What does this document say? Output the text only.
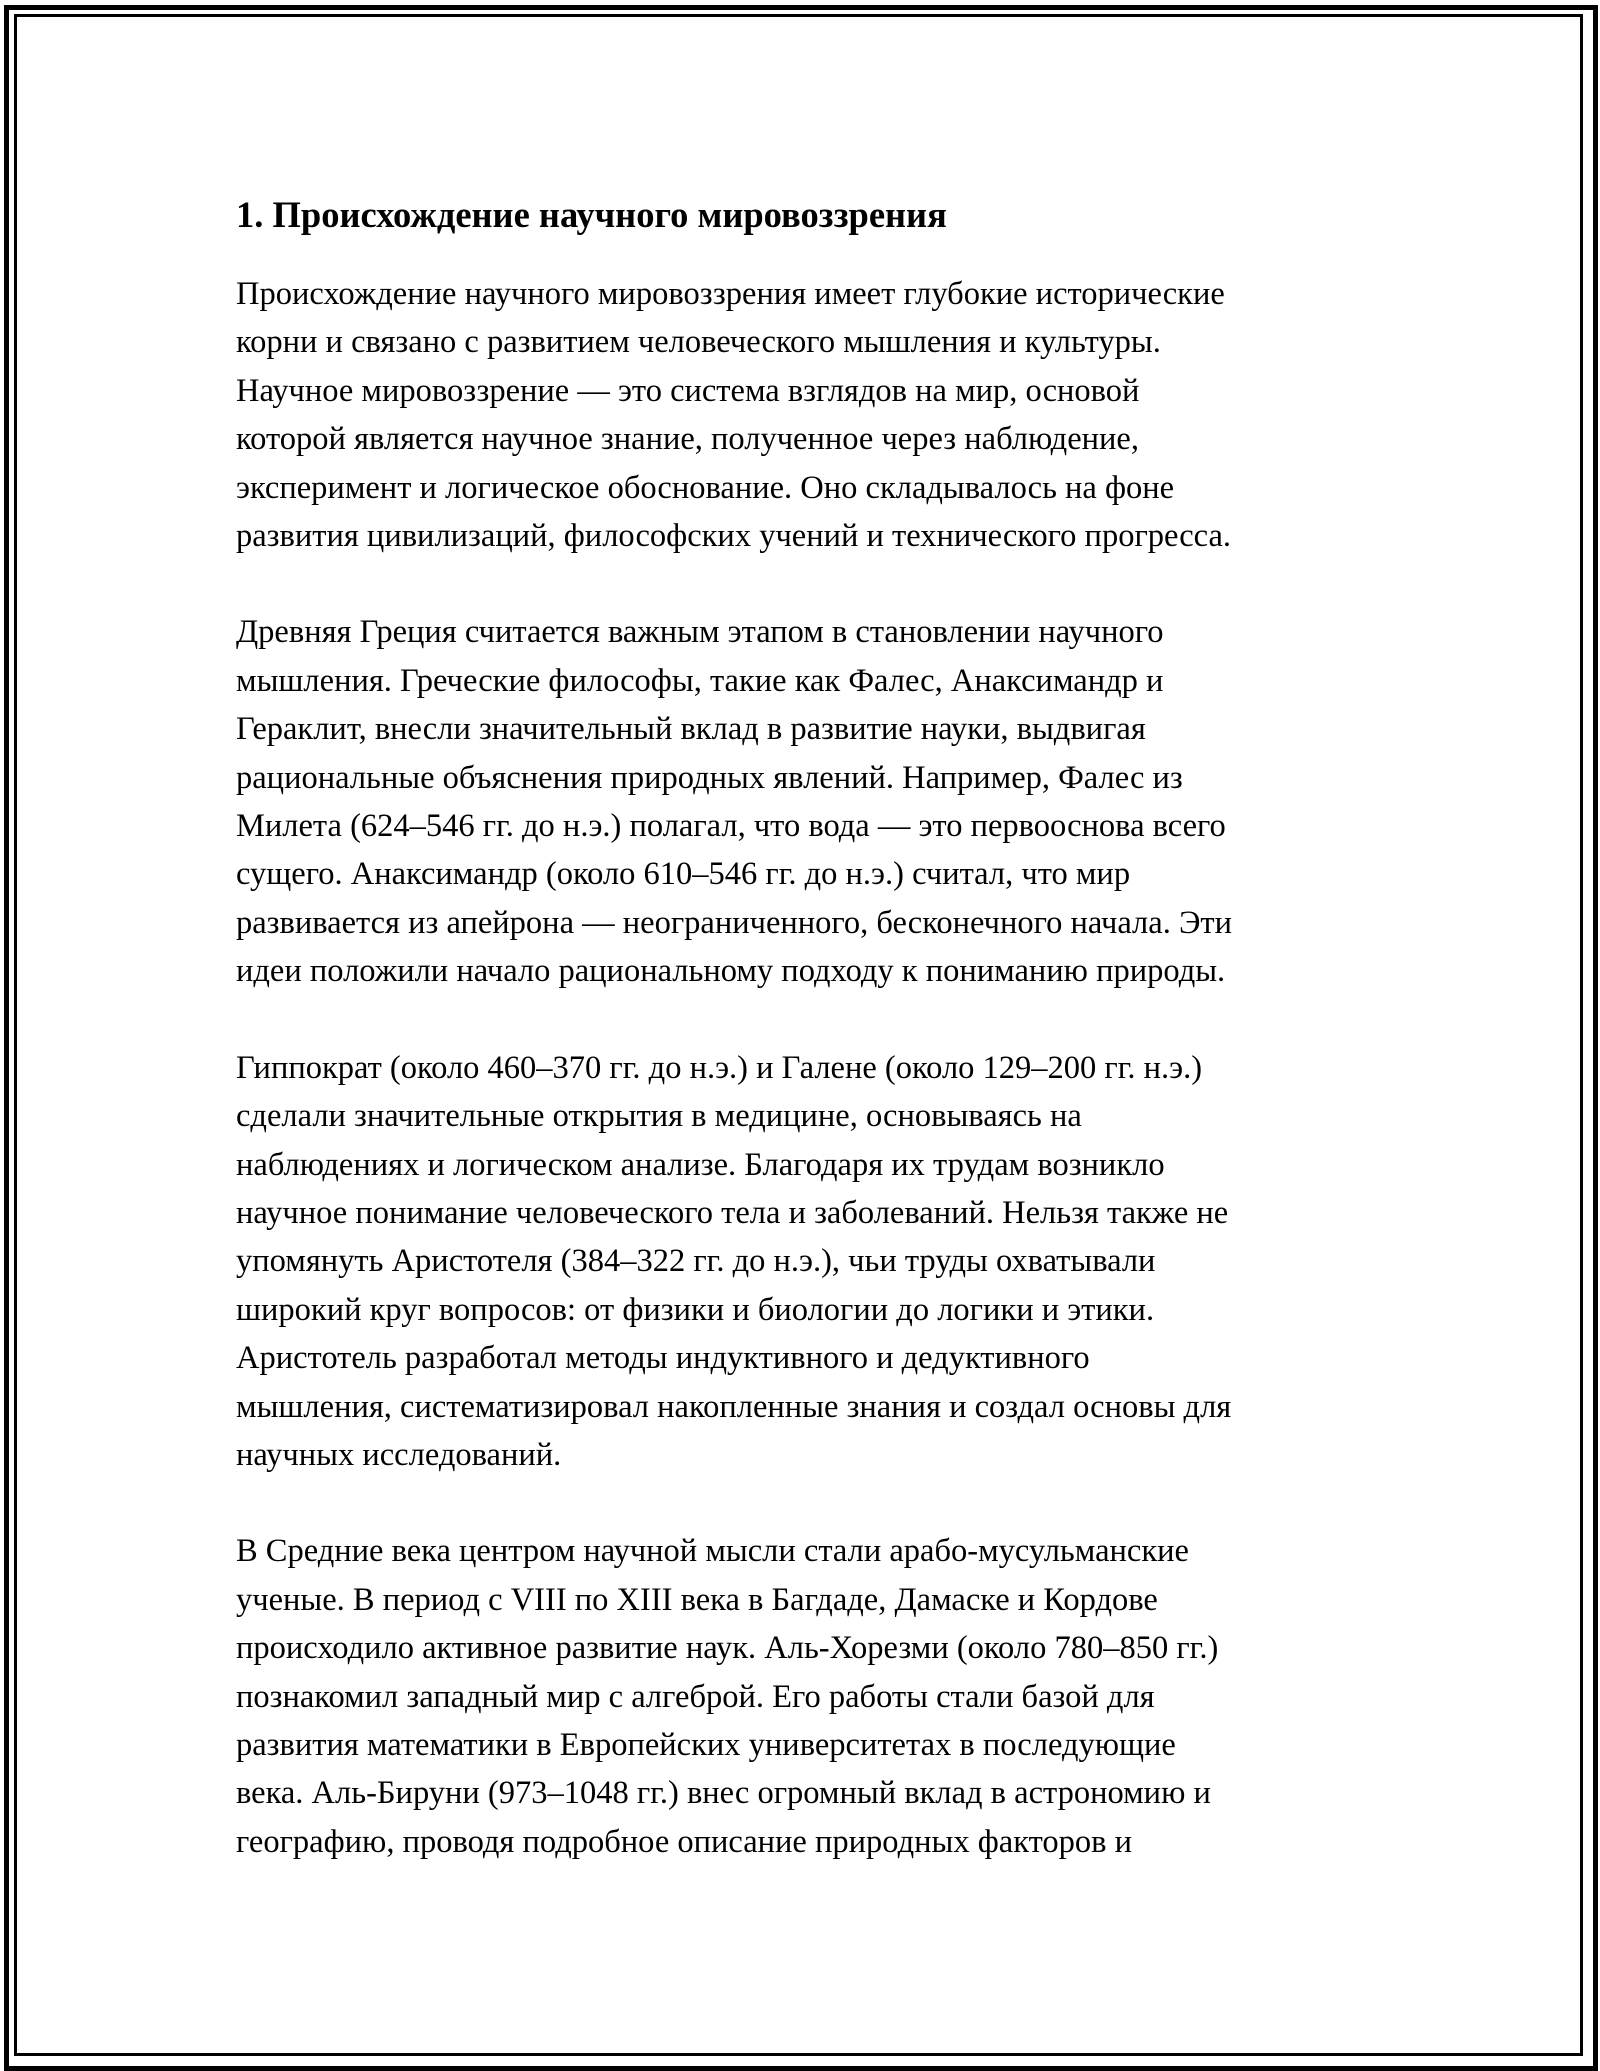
1. Происхождение научного мировоззрения

Происхождение научного мировоззрения имеет глубокие исторические
корни и связано с развитием человеческого мышления и культуры.
Научное мировоззрение — это система взглядов на мир, основой
которой является научное знание, полученное через наблюдение,
эксперимент и логическое обоснование. Оно складывалось на фоне
развития цивилизаций, философских учений и технического прогресса.

Древняя Греция считается важным этапом в становлении научного
мышления. Греческие философы, такие как Фалес, Анаксимандр и
Гераклит, внесли значительный вклад в развитие науки, выдвигая
рациональные объяснения природных явлений. Например, Фалес из
Милета (624–546 гг. до н.э.) полагал, что вода — это первооснова всего
сущего. Анаксимандр (около 610–546 гг. до н.э.) считал, что мир
развивается из апейрона — неограниченного, бесконечного начала. Эти
идеи положили начало рациональному подходу к пониманию природы.

Гиппократ (около 460–370 гг. до н.э.) и Галене (около 129–200 гг. н.э.)
сделали значительные открытия в медицине, основываясь на
наблюдениях и логическом анализе. Благодаря их трудам возникло
научное понимание человеческого тела и заболеваний. Нельзя также не
упомянуть Аристотеля (384–322 гг. до н.э.), чьи труды охватывали
широкий круг вопросов: от физики и биологии до логики и этики.
Аристотель разработал методы индуктивного и дедуктивного
мышления, систематизировал накопленные знания и создал основы для
научных исследований.

В Средние века центром научной мысли стали арабо-мусульманские
ученые. В период с VIII по XIII века в Багдаде, Дамаске и Кордове
происходило активное развитие наук. Аль-Хорезми (около 780–850 гг.)
познакомил западный мир с алгеброй. Его работы стали базой для
развития математики в Европейских университетах в последующие
века. Аль-Бируни (973–1048 гг.) внес огромный вклад в астрономию и
географию, проводя подробное описание природных факторов и
